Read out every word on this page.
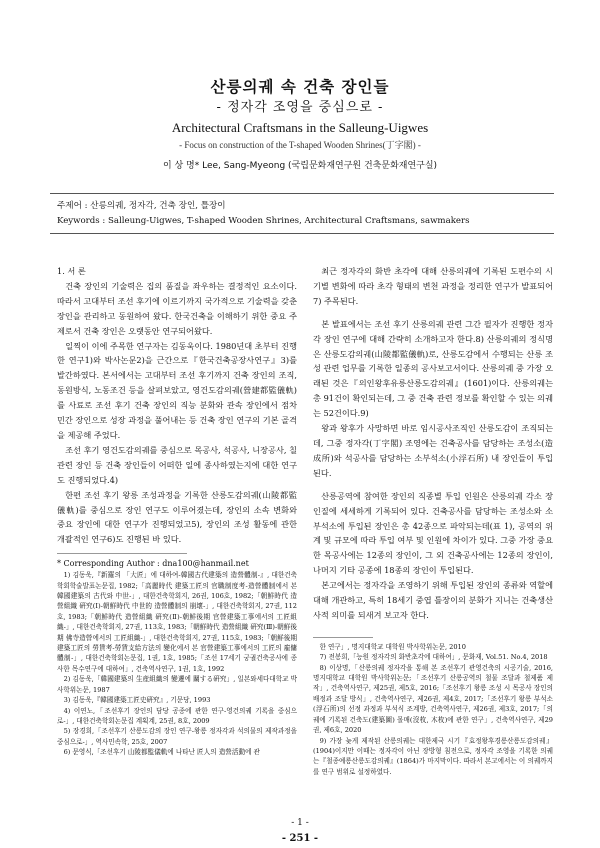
산릉의궤 속 건축 장인들
- 정자각 조영을 중심으로 -
Architectural Craftsmans in the Salleung-Uigwes
- Focus on construction of the T-shaped Wooden Shrines(丁字閣) -
이 상 명* Lee, Sang-Myeong (국립문화재연구원 건축문화재연구실)
주제어 : 산릉의궤, 정자각, 건축 장인, 틀장이
Keywords : Salleung-Uigwes, T-shaped Wooden Shrines, Architectural Craftsmans, sawmakers
1. 서 론

건축 장인의 기술력은 집의 품질을 좌우하는 결정적인 요소이다. 따라서 고대부터 조선 후기에 이르기까지 국가적으로 기술력을 갖춘 장인을 관리하고 동원하여 왔다. 한국건축을 이해하기 위한 중요 주제로서 건축 장인은 오랫동안 연구되어왔다.

일찍이 이에 주목한 연구자는 김동욱이다. 1980년대 초부터 진행한 연구1)와 박사논문2)을 근간으로『한국건축공장사연구』3)를 발간하였다. 본서에서는 고대부터 조선 후기까지 건축 장인의 조직, 동원방식, 노동조건 등을 살펴보았고, 영건도감의궤(營建都監儀軌)를 사료로 조선 후기 건축 장인의 직능 분화와 관속 장인에서 점차 민간 장인으로 성장 과정을 풀어내는 등 건축 장인 연구의 기본 골격을 제공해 주었다.

조선 후기 영건도감의궤를 중심으로 목공사, 석공사, 니장공사, 칠 관련 장인 등 건축 장인들이 어떠한 일에 종사하였는지에 대한 연구도 진행되었다.4)

한편 조선 후기 왕릉 조성과정을 기록한 산릉도감의궤(山陵都監儀軌)를 중심으로 장인 연구도 이루어졌는데, 장인의 소속 변화와 중요 장인에 대한 연구가 진행되었고5), 장인의 조성 활동에 관한 개괄적인 연구6)도 진행된 바 있다.

* Corresponding Author : dna100@hanmail.net

1) 김동욱,『新羅의 「大匠」에 대하여-韓國古代建築의 造營體制-』, 대한건축학회학술발표논문집, 1982;「高麗時代 建築工匠의 官職制度考-造營體制에서 본 韓國建築의 古代와 中世-」, 대한건축학회지, 26권, 106호, 1982;「朝鮮時代 造營組織 硏究(Ⅰ)-朝鮮時代 中世的 造營體制의 崩壞-」, 대한건축학회지, 27권, 112호, 1983;「朝鮮時代 造營組織 硏究(Ⅱ)-朝鮮後期 官營建築工事에서의 工匠組織-」, 대한건축학회지, 27권, 113호, 1983;「朝鮮時代 造營組織 硏究(Ⅲ)-朝鮮後期 佛寺造營에서의 工匠組織-」, 대한건축학회지, 27권, 115호, 1983;「朝鮮後期 建築工匠의 勞賃考-勞賃支給方法의 變化에서 본 官營建築工事에서의 工匠의 雇傭體制-」, 대한건축학회논문집, 1권, 1호, 1985;「조선 17세기 궁궐건축공사에 종사한 목수연구에 대하여」, 건축역사연구, 1권, 1호, 1992

2) 김동욱,「韓國建築의 生産組織의 變遷에 關する硏究」, 일본와세다대학교 박사학위논문, 1987

3) 김동욱,『韓國建築工匠史硏究』, 기문당, 1993

4) 이연노,「조선후기 장인의 담당 공종에 관한 연구-영건의궤 기록을 중심으로-」, 대한건축학회논문집 계획계, 25권, 8호, 2009

5) 장경희,「조선후기 산릉도감의 장인 연구-왕릉 정자각과 석의물의 제작과정을 중심으로-」, 역사민속학, 25호, 2007

6) 문영식,「조선후기 山陵都監儀軌에 나타난 匠人의 造營活動에 관

최근 정자각의 화반 초각에 대해 산릉의궤에 기록된 도편수의 시기별 변화에 따라 초각 형태의 변천 과정을 정리한 연구가 발표되어7) 주목된다.

본 발표에서는 조선 후기 산릉의궤 관련 그간 필자가 진행한 정자각 장인 연구에 대해 간략히 소개하고자 한다.8) 산릉의궤의 정식명은 산릉도감의궤(山陵都監儀軌)로, 산릉도감에서 수행되는 산릉 조성 관련 업무를 기록한 일종의 공사보고서이다. 산릉의궤 중 가장 오래된 것은『의인왕후유릉산릉도감의궤』(1601)이다. 산릉의궤는 총 91건이 확인되는데, 그 중 건축 관련 정보를 확인할 수 있는 의궤는 52건이다.9)

왕과 왕후가 사망하면 바로 임시공사조직인 산릉도감이 조직되는데, 그중 정자각(丁字閣) 조영에는 건축공사를 담당하는 조성소(造成所)와 석공사를 담당하는 소부석소(小浮石所) 내 장인들이 투입된다.

산릉공역에 참여한 장인의 직종별 투입 인원은 산릉의궤 각소 장인질에 세세하게 기록되어 있다. 건축공사를 담당하는 조성소와 소부석소에 투입된 장인은 총 42종으로 파악되는데(표 1), 공역의 위계 및 규모에 따라 투입 여부 및 인원에 차이가 있다. 그중 가장 중요한 목공사에는 12종의 장인이, 그 외 건축공사에는 12종의 장인이, 나머지 기타 공종에 18종의 장인이 투입된다.

본고에서는 정자각을 조영하기 위해 투입된 장인의 종류와 역할에 대해 개관하고, 특히 18세기 중엽 틀장이의 분화가 지니는 건축생산사적 의미를 되새겨 보고자 한다.

한 연구」, 명지대학교 대학원 박사학위논문, 2010

7) 전봉희,「능원 정자각의 화반초각에 대하여」, 문화재, Vol.51. No.4, 2018

8) 이상명,「산릉의궤 정자각을 통해 본 조선후기 관영건축의 시공기술, 2016, 명지대학교 대학원 박사학위논문;「조선후기 산릉공역의 철물 조달과 철제품 제작」, 건축역사연구, 제25권, 제5호, 2016;「조선후기 왕릉 조성 시 목공사 장인의 배정과 조달 방식」, 건축역사연구, 제26권, 제4호, 2017;「조선후기 왕릉 부석소(浮石所)의 선정 과정과 부석식 조계방, 건축역사연구, 제26권, 제3호, 2017;「의궤에 기록된 건축도(建築圖) 몰매(沒枚, 木枚)에 관한 연구」, 건축역사연구, 제29권, 제6호, 2020

9) 가장 늦게 제작된 산릉의궤는 대한제국 시기『효정왕후경릉산릉도감의궤』(1904)이지만 이때는 정자각이 아닌 장방형 침전으로, 정자각 조영을 기록한 의궤는『철종예릉산릉도감의궤』(1864)가 마지막이다. 따라서 본고에서는 이 의궤까지를 연구 범위로 설정하였다.

- 1 -
- 251 -
